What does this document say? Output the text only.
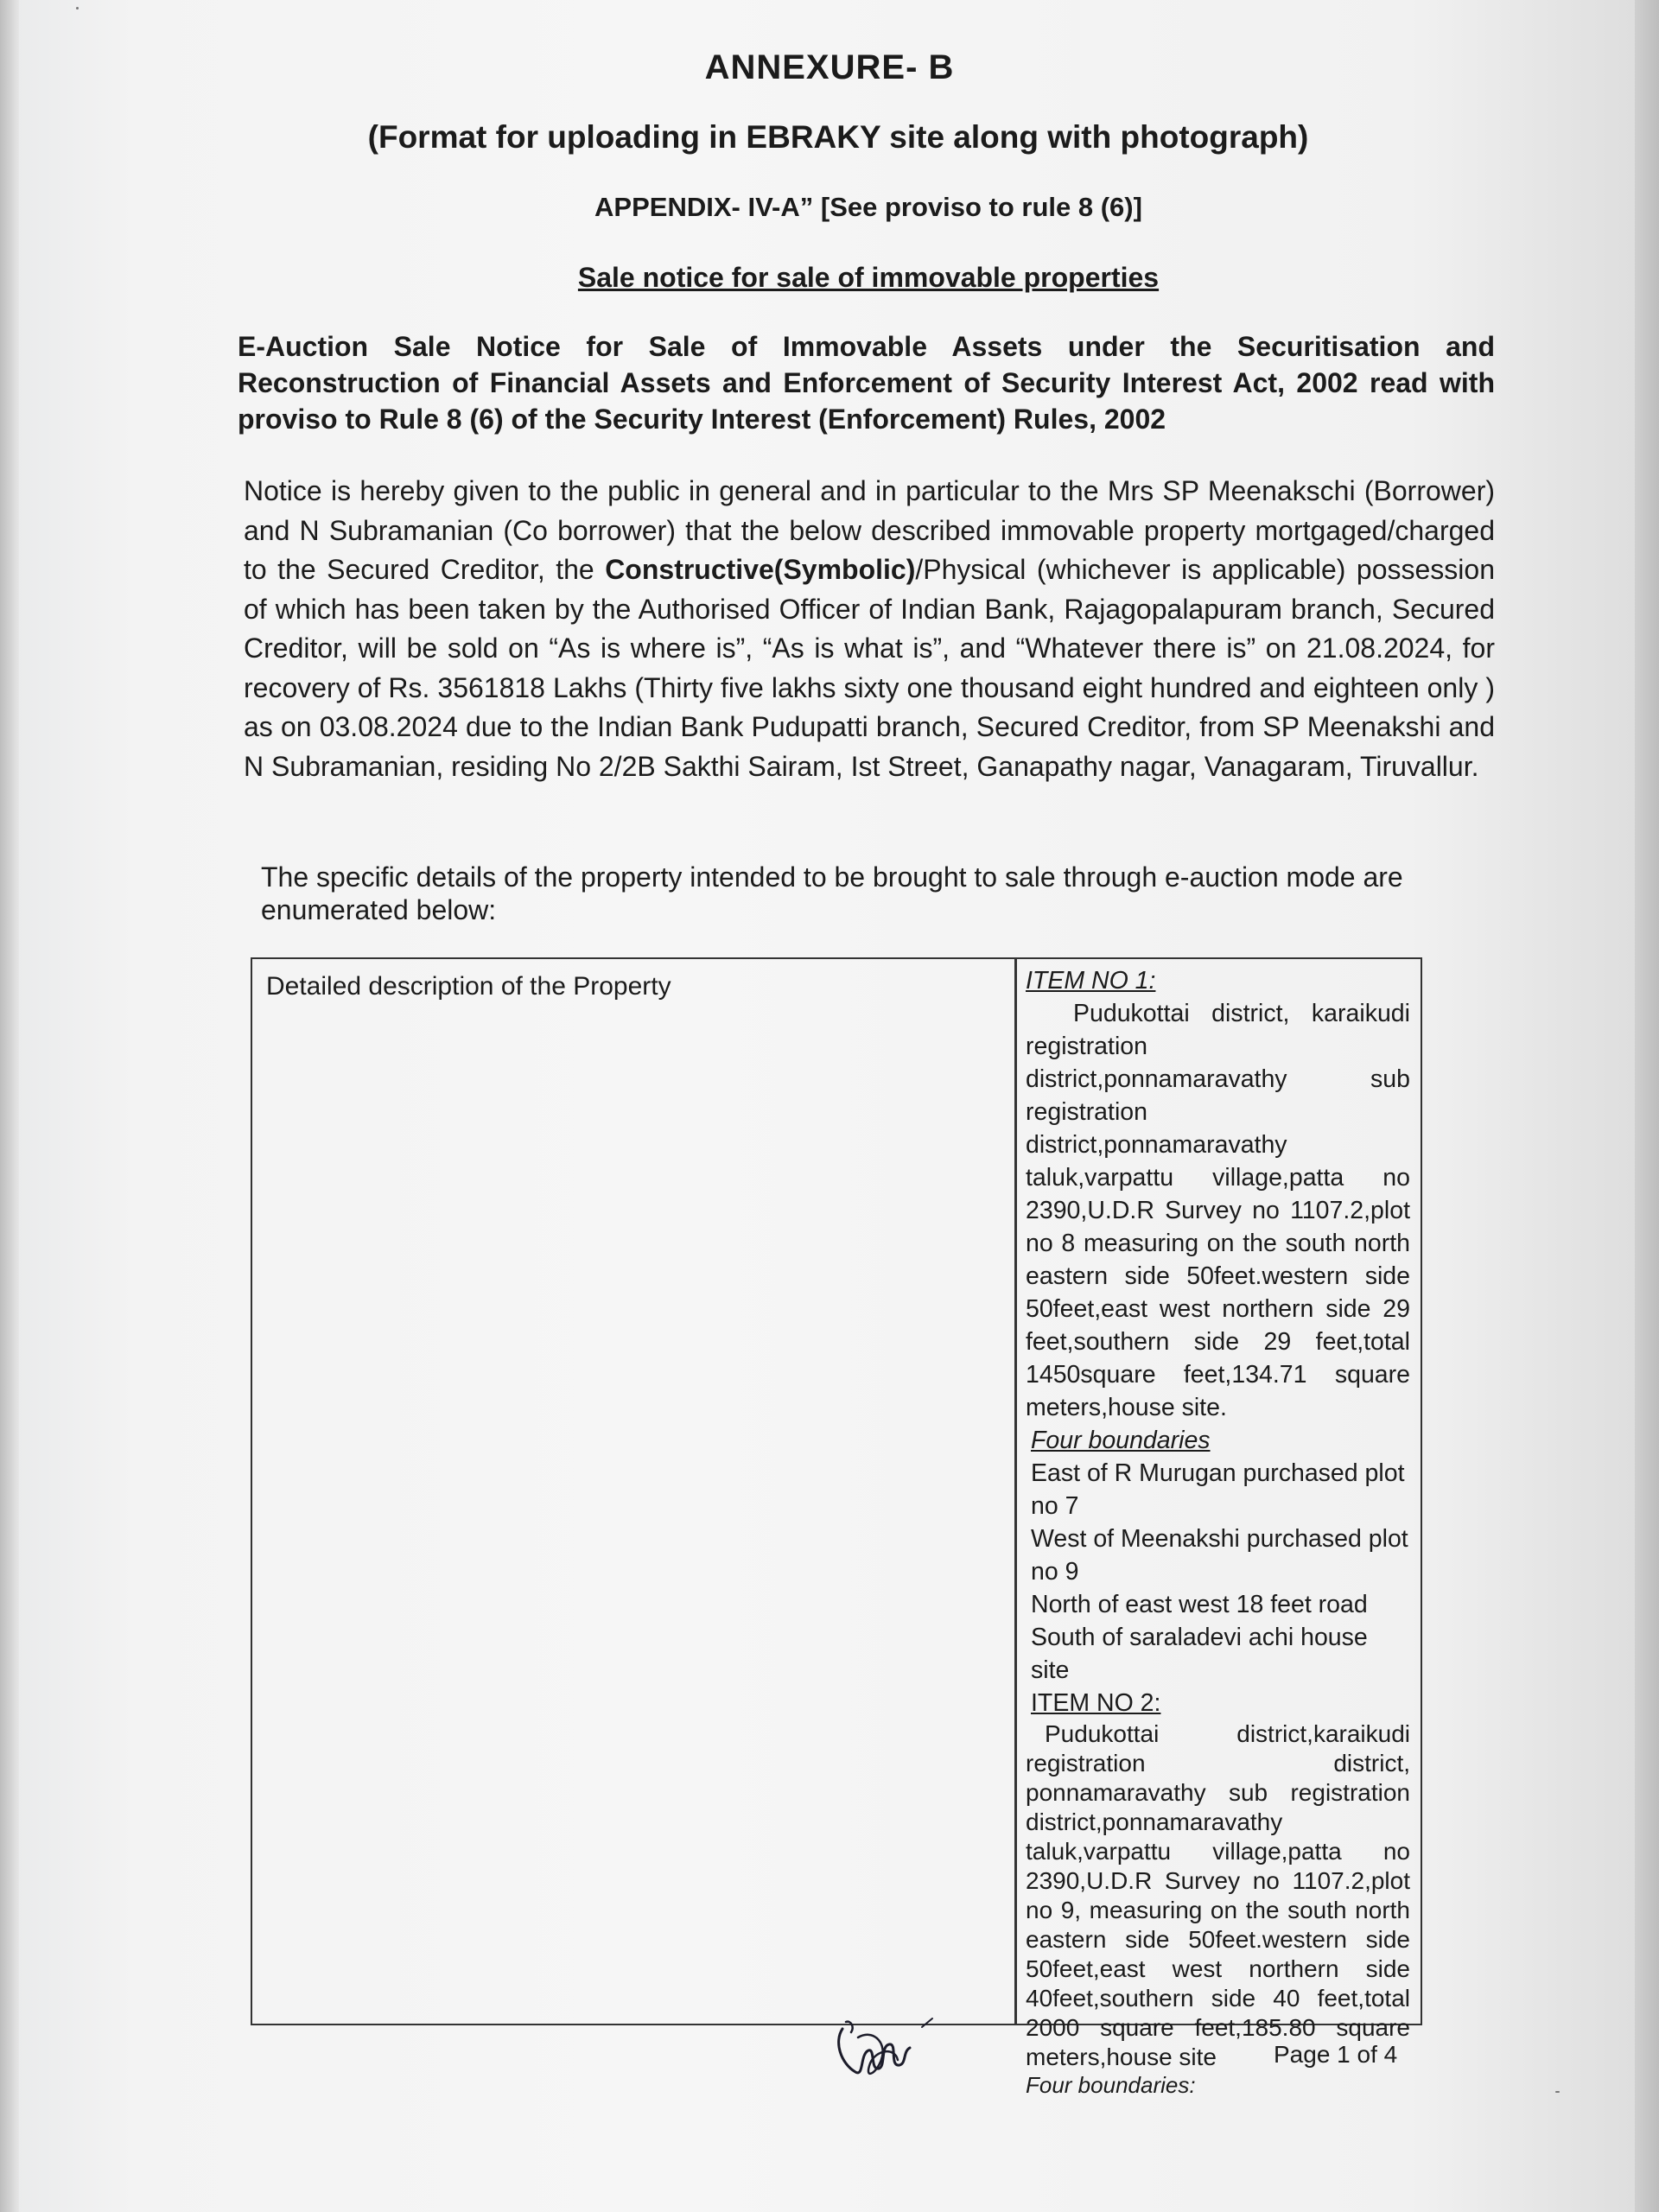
ANNEXURE- B
(Format for uploading in EBRAKY site along with photograph)
APPENDIX- IV-A” [See proviso to rule 8 (6)]
Sale notice for sale of immovable properties
E-Auction Sale Notice for Sale of Immovable Assets under the Securitisation and Reconstruction of Financial Assets and Enforcement of Security Interest Act, 2002 read with proviso to Rule 8 (6) of the Security Interest (Enforcement) Rules, 2002
Notice is hereby given to the public in general and in particular to the Mrs SP Meenakschi (Borrower) and N Subramanian (Co borrower) that the below described immovable property mortgaged/charged to the Secured Creditor, the Constructive(Symbolic)/Physical (whichever is applicable) possession of which has been taken by the Authorised Officer of Indian Bank, Rajagopalapuram branch, Secured Creditor, will be sold on “As is where is”, “As is what is”, and “Whatever there is” on 21.08.2024, for recovery of Rs. 3561818 Lakhs (Thirty five lakhs sixty one thousand eight hundred and eighteen only ) as on 03.08.2024 due to the Indian Bank Pudupatti branch, Secured Creditor, from SP Meenakshi and N Subramanian, residing No 2/2B Sakthi Sairam, Ist Street, Ganapathy nagar, Vanagaram, Tiruvallur.
The specific details of the property intended to be brought to sale through e-auction mode are enumerated below:
Detailed description of the Property	ITEM NO 1:
Pudukottai district, karaikudi registration district,ponnamaravathy sub registration district,ponnamaravathy taluk,varpattu village,patta no 2390,U.D.R Survey no 1107.2,plot no 8 measuring on the south north eastern side 50feet.western side 50feet,east west northern side 29 feet,southern side 29 feet,total 1450square feet,134.71 square meters,house site.
Four boundaries
East of R Murugan purchased plot no 7
West of Meenakshi purchased plot no 9
North of east west 18 feet road
South of saraladevi achi house site
ITEM NO 2:
Pudukottai district,karaikudi registration district, ponnamaravathy sub registration district,ponnamaravathy taluk,varpattu village,patta no 2390,U.D.R Survey no 1107.2,plot no 9, measuring on the south north eastern side 50feet.western side 50feet,east west northern side 40feet,southern side 40 feet,total 2000 square feet,185.80 square meters,house site
Four boundaries:
Page 1 of 4
